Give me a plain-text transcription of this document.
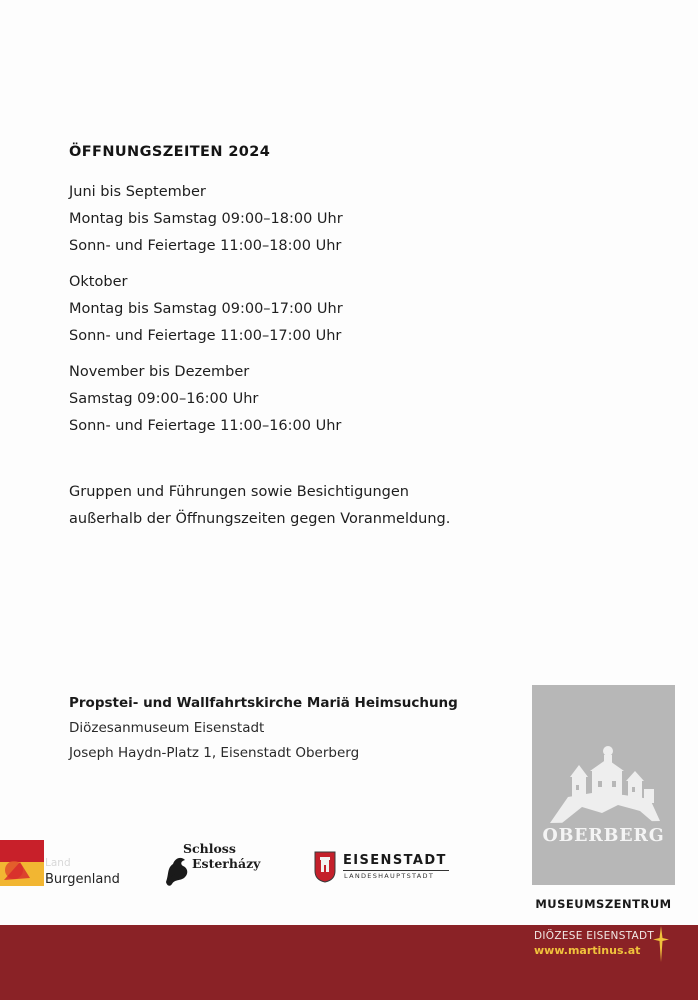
ÖFFNUNGSZEITEN 2024
Juni bis September
Montag bis Samstag 09:00–18:00 Uhr
Sonn- und Feiertage 11:00–18:00 Uhr
Oktober
Montag bis Samstag 09:00–17:00 Uhr
Sonn- und Feiertage 11:00–17:00 Uhr
November bis Dezember
Samstag 09:00–16:00 Uhr
Sonn- und Feiertage 11:00–16:00 Uhr
Gruppen und Führungen sowie Besichtigungen
außerhalb der Öffnungszeiten gegen Voranmeldung.
Propstei- und Wallfahrtskirche Mariä Heimsuchung
Diözesanmuseum Eisenstadt
Joseph Haydn-Platz 1, Eisenstadt Oberberg
OBERBERG
MUSEUMSZENTRUM
Land
Burgenland
Schloss
Esterházy	EISENSTADT
LANDESHAUPTSTADT
DIÖZESE EISENSTADT
www.martinus.at
